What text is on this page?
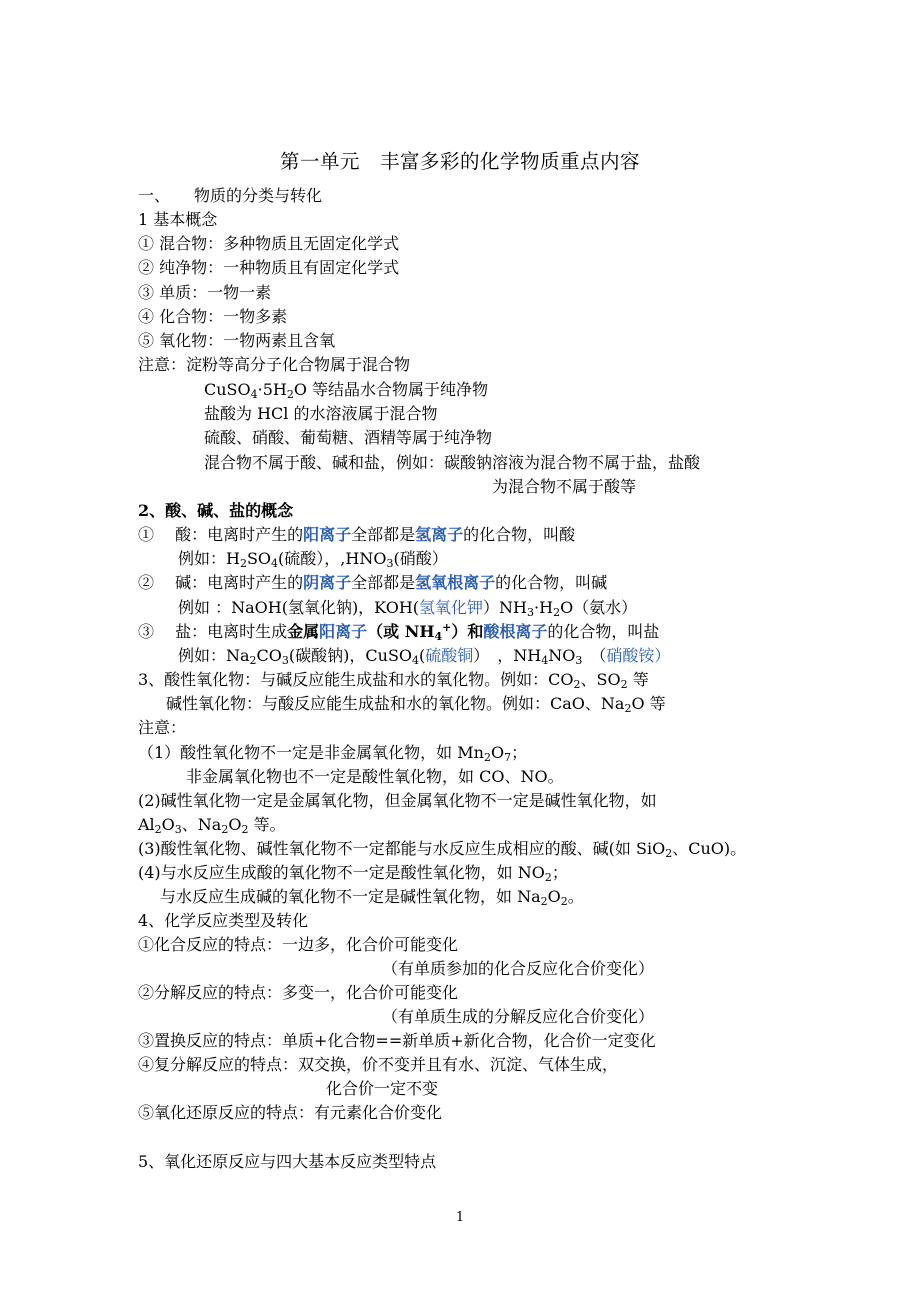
第一单元　丰富多彩的化学物质重点内容
一、　　物质的分类与转化
1 基本概念
① 混合物：多种物质且无固定化学式
② 纯净物：一种物质且有固定化学式
③ 单质：一物一素
④ 化合物：一物多素
⑤ 氧化物：一物两素且含氧
注意：淀粉等高分子化合物属于混合物
$CuSO_4\cdot 5H_2O$ 等结晶水合物属于纯净物
盐酸为 HCl 的水溶液属于混合物
硫酸、硝酸、葡萄糖、酒精等属于纯净物
混合物不属于酸、碱和盐，例如：碳酸钠溶液为混合物不属于盐，盐酸
为混合物不属于酸等
2、酸、碱、盐的概念
①　 酸：电离时产生的阳离子全部都是氢离子的化合物，叫酸
例如：$H_2SO_4$(硫酸），$,HNO_3$(硝酸）
②　 碱：电离时产生的阴离子全部都是氢氧根离子的化合物，叫碱
例如 ：NaOH(氢氧化钠)，KOH(氢氧化钾）$NH_3\cdot H_2O$（氨水）
③　 盐：电离时生成金属阳离子（或 $NH_4^+$）和酸根离子的化合物，叫盐
例如：$Na_2CO_3$(碳酸钠)，CuSO$_4$(硫酸铜）　，$NH_4NO_3$　（硝酸铵）
3、酸性氧化物：与碱反应能生成盐和水的氧化物。例如：$CO_2$、$SO_2$ 等
碱性氧化物：与酸反应能生成盐和水的氧化物。例如：CaO、$Na_2O$ 等
注意：
（1）酸性氧化物不一定是非金属氧化物，如 $Mn_2O_7$；
非金属氧化物也不一定是酸性氧化物，如 CO、NO。
(2)碱性氧化物一定是金属氧化物，但金属氧化物不一定是碱性氧化物，如
$Al_2O_3$、$Na_2O_2$ 等。
(3)酸性氧化物、碱性氧化物不一定都能与水反应生成相应的酸、碱(如 SiO$_2$、CuO)。
(4)与水反应生成酸的氧化物不一定是酸性氧化物，如 $NO_2$；
与水反应生成碱的氧化物不一定是碱性氧化物，如 $Na_2O_2$。
4、化学反应类型及转化
①化合反应的特点：一边多，化合价可能变化
（有单质参加的化合反应化合价变化）
②分解反应的特点：多变一，化合价可能变化
（有单质生成的分解反应化合价变化）
③置换反应的特点：单质+化合物==新单质+新化合物，化合价一定变化
④复分解反应的特点：双交换，价不变并且有水、沉淀、气体生成，
化合价一定不变
⑤氧化还原反应的特点：有元素化合价变化
5、氧化还原反应与四大基本反应类型特点
1
